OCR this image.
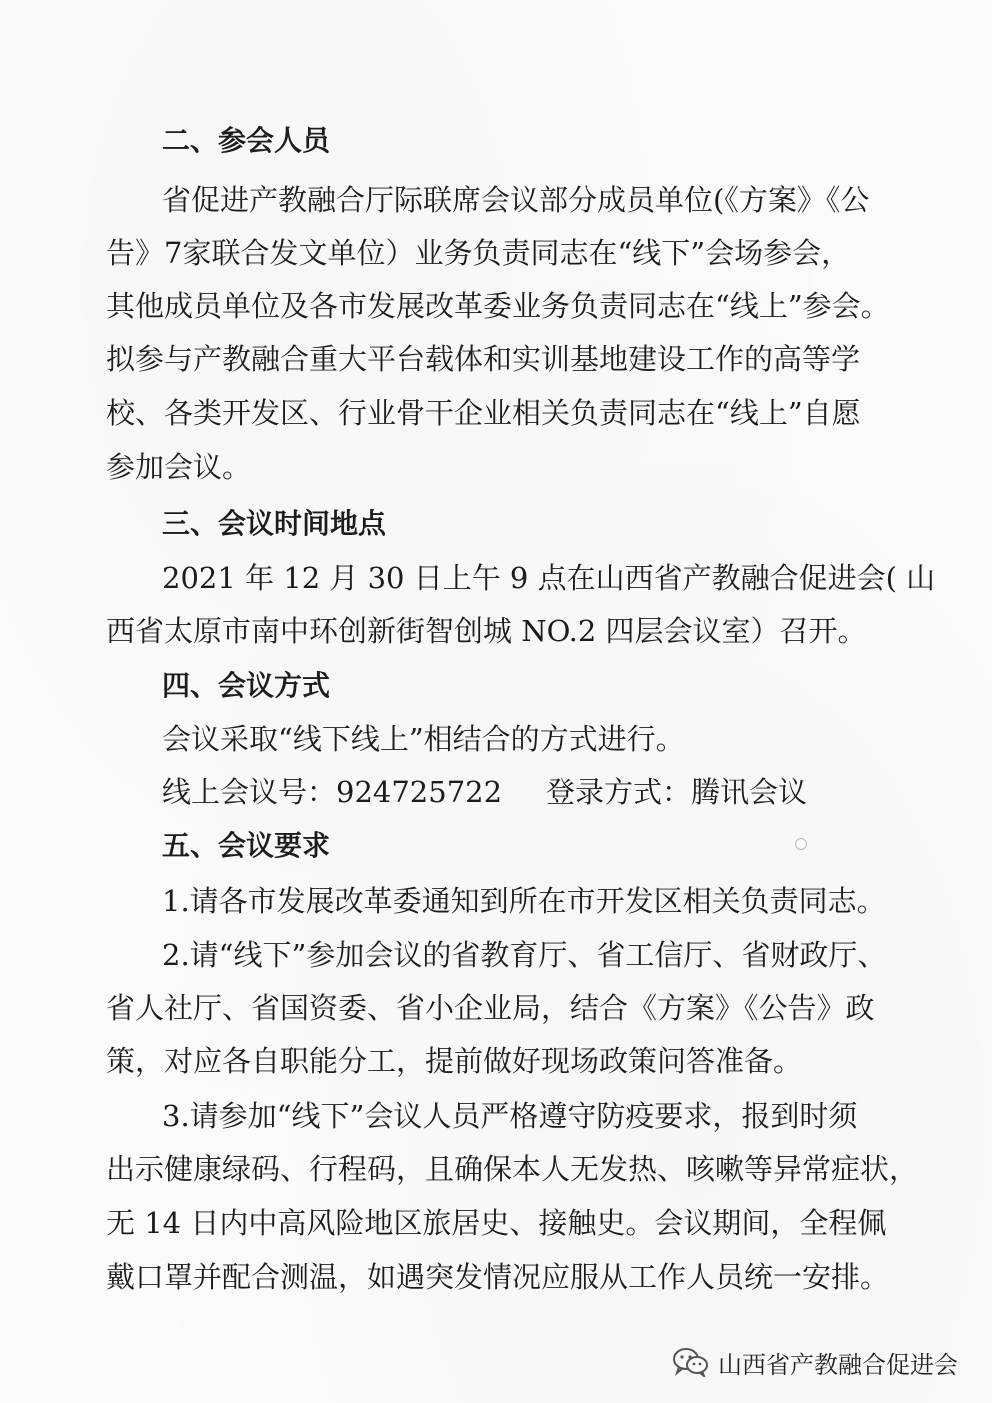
二、参会人员
省促进产教融合厅际联席会议部分成员单位(《方案》《公
告》7家联合发文单位）业务负责同志在“线下”会场参会，
其他成员单位及各市发展改革委业务负责同志在“线上”参会。
拟参与产教融合重大平台载体和实训基地建设工作的高等学
校、各类开发区、行业骨干企业相关负责同志在“线上”自愿
参加会议。
三、会议时间地点
2021 年 12 月 30 日上午 9 点在山西省产教融合促进会( 山
西省太原市南中环创新街智创城 NO.2 四层会议室）召开。
四、会议方式
会议采取“线下线上”相结合的方式进行。
线上会议号：924725722 登录方式：腾讯会议
五、会议要求
1.请各市发展改革委通知到所在市开发区相关负责同志。
2.请“线下”参加会议的省教育厅、省工信厅、省财政厅、
省人社厅、省国资委、省小企业局，结合《方案》《公告》政
策，对应各自职能分工，提前做好现场政策问答准备。
3.请参加“线下”会议人员严格遵守防疫要求，报到时须
出示健康绿码、行程码，且确保本人无发热、咳嗽等异常症状，
无 14 日内中高风险地区旅居史、接触史。会议期间，全程佩
戴口罩并配合测温，如遇突发情况应服从工作人员统一安排。
山西省产教融合促进会
